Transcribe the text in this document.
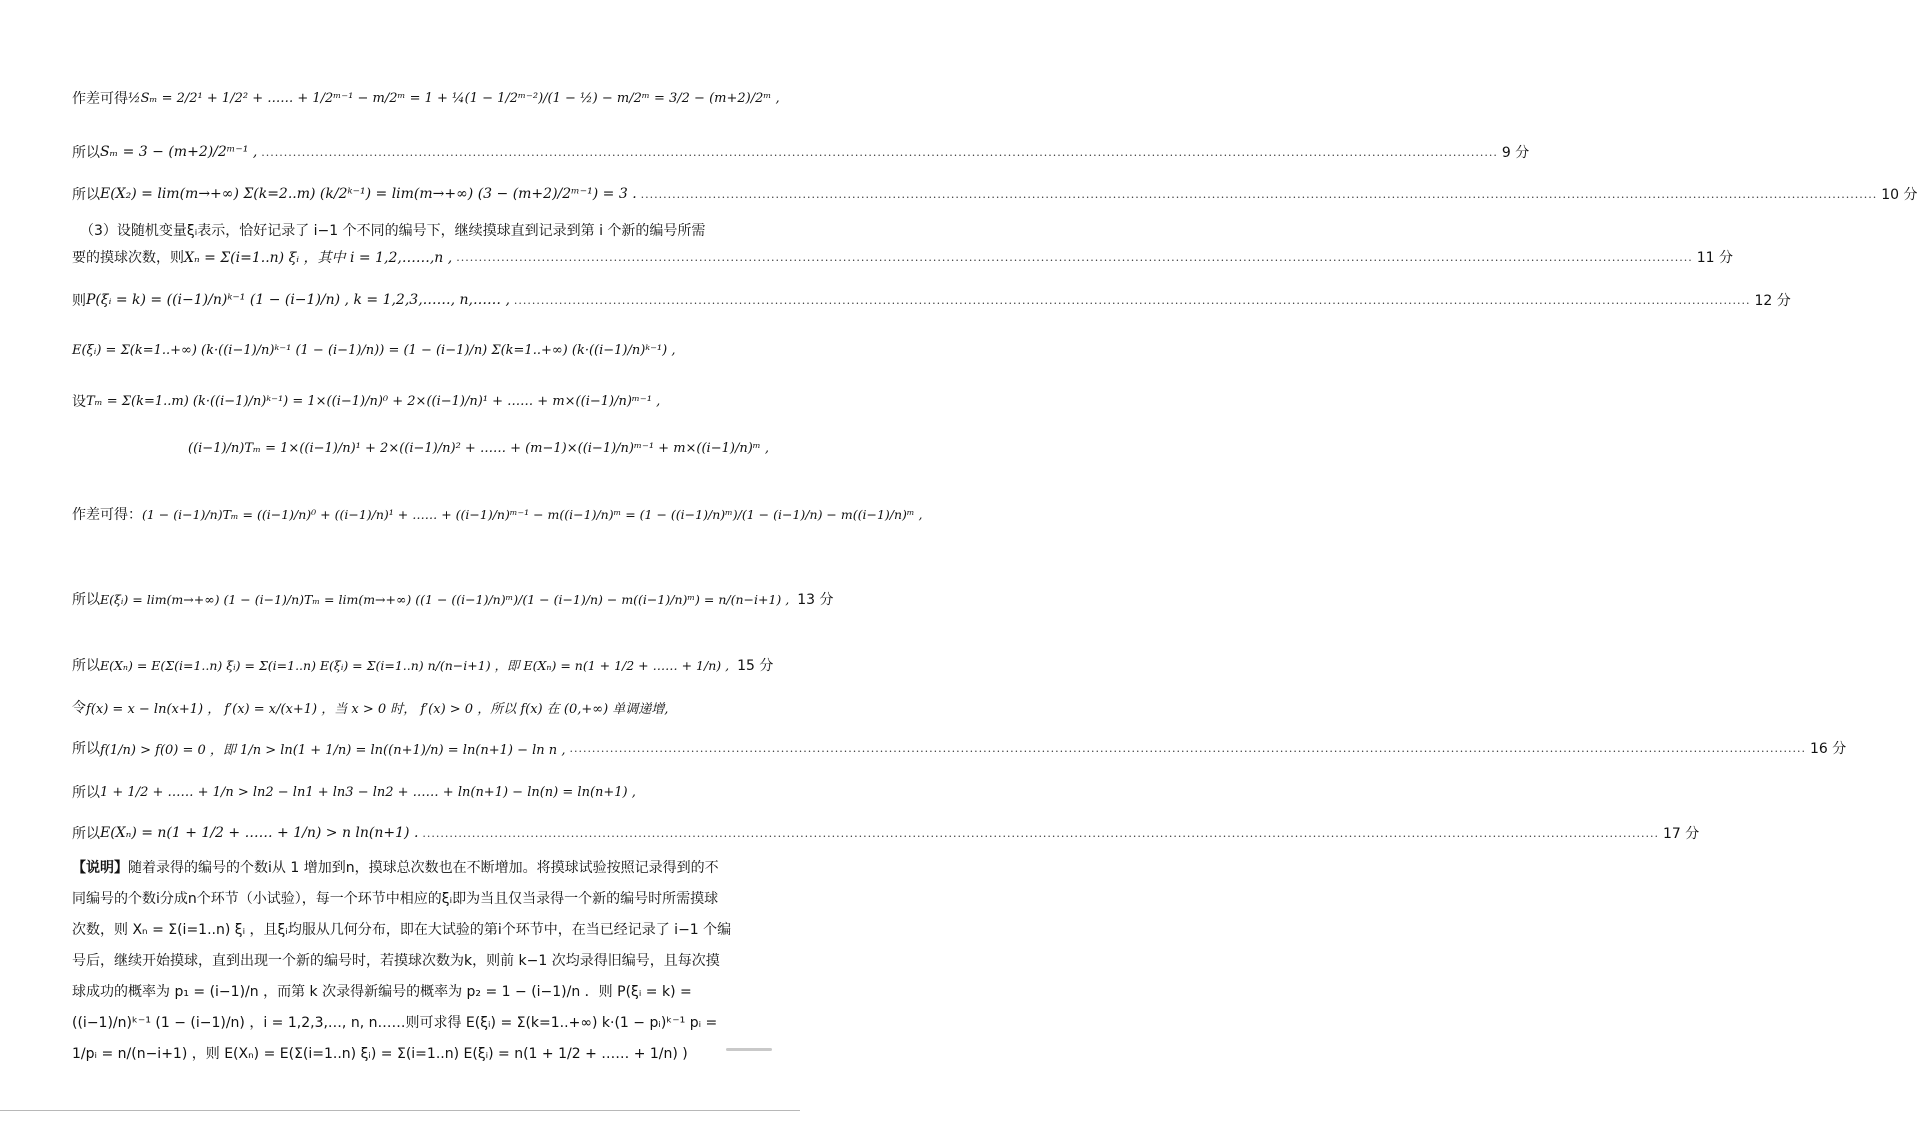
作差可得 ½Sₘ = 2/2¹ + 1/2² + …… + 1/2ᵐ⁻¹ − m/2ᵐ = 1 + ¼(1 − 1/2ᵐ⁻²)/(1 − ½) − m/2ᵐ = 3/2 − (m+2)/2ᵐ ,
所以 Sₘ = 3 − (m+2)/2ᵐ⁻¹ , .....	9 分
所以 E(X₂) = lim(m→+∞) Σ(k=2..m) (k/2ᵏ⁻¹) = lim(m→+∞) (3 − (m+2)/2ᵐ⁻¹) = 3 . .....	10 分
（3）设随机变量ξᵢ表示，恰好记录了 i−1 个不同的编号下，继续摸球直到记录到第 i 个新的编号所需
要的摸球次数，则 Xₙ = Σ(i=1..n) ξᵢ ，其中 i = 1,2,……,n , .....	11 分
则 P(ξᵢ = k) = ((i−1)/n)ᵏ⁻¹ (1 − (i−1)/n) , k = 1,2,3,……, n,…… , .....	12 分
E(ξᵢ) = Σ(k=1..+∞) (k·((i−1)/n)ᵏ⁻¹ (1 − (i−1)/n)) = (1 − (i−1)/n) Σ(k=1..+∞) (k·((i−1)/n)ᵏ⁻¹) ,
设 Tₘ = Σ(k=1..m) (k·((i−1)/n)ᵏ⁻¹) = 1×((i−1)/n)⁰ + 2×((i−1)/n)¹ + …… + m×((i−1)/n)ᵐ⁻¹ ,
((i−1)/n)Tₘ = 1×((i−1)/n)¹ + 2×((i−1)/n)² + …… + (m−1)×((i−1)/n)ᵐ⁻¹ + m×((i−1)/n)ᵐ ,
作差可得： (1 − (i−1)/n)Tₘ = ((i−1)/n)⁰ + ((i−1)/n)¹ + …… + ((i−1)/n)ᵐ⁻¹ − m((i−1)/n)ᵐ = (1 − ((i−1)/n)ᵐ)/(1 − (i−1)/n) − m((i−1)/n)ᵐ ,
所以 E(ξᵢ) = lim(m→+∞) (1 − (i−1)/n)Tₘ = lim(m→+∞) ((1 − ((i−1)/n)ᵐ)/(1 − (i−1)/n) − m((i−1)/n)ᵐ) = n/(n−i+1) , 13 分
所以 E(Xₙ) = E(Σ(i=1..n) ξᵢ) = Σ(i=1..n) E(ξᵢ) = Σ(i=1..n) n/(n−i+1) ，即 E(Xₙ) = n(1 + 1/2 + …… + 1/n) , 15 分
令 f(x) = x − ln(x+1) ， f′(x) = x/(x+1) ，当 x > 0 时， f′(x) > 0 ，所以 f(x) 在 (0,+∞) 单调递增,
所以 f(1/n) > f(0) = 0 ，即 1/n > ln(1 + 1/n) = ln((n+1)/n) = ln(n+1) − ln n , .....	16 分
所以 1 + 1/2 + …… + 1/n > ln2 − ln1 + ln3 − ln2 + …… + ln(n+1) − ln(n) = ln(n+1) ,
所以 E(Xₙ) = n(1 + 1/2 + …… + 1/n) > n ln(n+1) . .....	17 分
【说明】随着录得的编号的个数i从 1 增加到n，摸球总次数也在不断增加。将摸球试验按照记录得到的不同编号的个数i分成n个环节（小试验），每一个环节中相应的ξᵢ即为当且仅当录得一个新的编号时所需摸球次数，则 Xₙ = Σ(i=1..n) ξᵢ ，且ξᵢ均服从几何分布，即在大试验的第i个环节中，在当已经记录了 i−1 个编号后，继续开始摸球，直到出现一个新的编号时，若摸球次数为k，则前 k−1 次均录得旧编号，且每次摸球成功的概率为 p₁ = (i−1)/n ，而第 k 次录得新编号的概率为 p₂ = 1 − (i−1)/n ．则 P(ξᵢ = k) = ((i−1)/n)ᵏ⁻¹ (1 − (i−1)/n) ，i = 1,2,3,…, n, n……则可求得 E(ξᵢ) = Σ(k=1..+∞) k·(1 − pᵢ)ᵏ⁻¹ pᵢ = 1/pᵢ = n/(n−i+1) ，则 E(Xₙ) = E(Σ(i=1..n) ξᵢ) = Σ(i=1..n) E(ξᵢ) = n(1 + 1/2 + …… + 1/n) )
